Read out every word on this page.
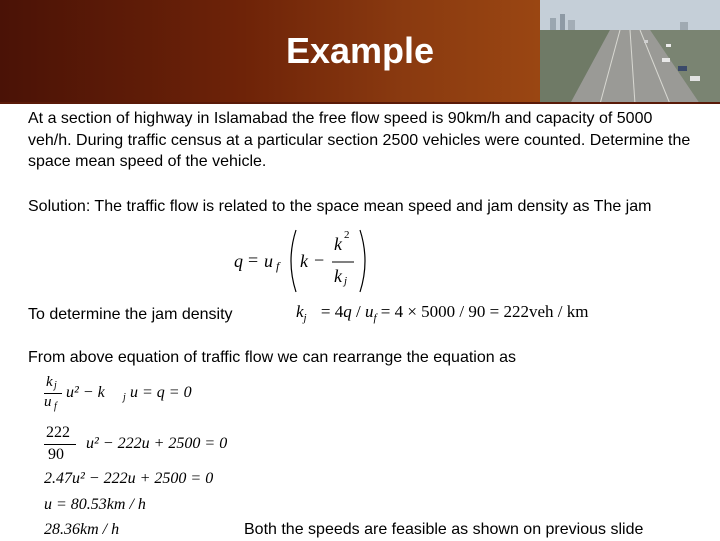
Example

At a section of highway in Islamabad the free flow speed is 90km/h and capacity of 5000 veh/h. During traffic census at a particular section 2500 vehicles were counted. Determine the space mean speed of the vehicle.

Solution: The traffic flow is related to the space mean speed and jam density as The jam

q = u f k −
k 2
k j

To determine the jam density	$k_j = 4q / u_f = 4 \times 5000 / 90 = 222veh$ / km

From above equation of traffic flow we can rearrange the equation as

k j
u f
u² − k j u = q = 0
222
90
u² − 222u + 2500 = 0
2.47u² − 222u + 2500 = 0
u = 80.53km / h
28.36km / h	Both the speeds are feasible as shown on previous slide
